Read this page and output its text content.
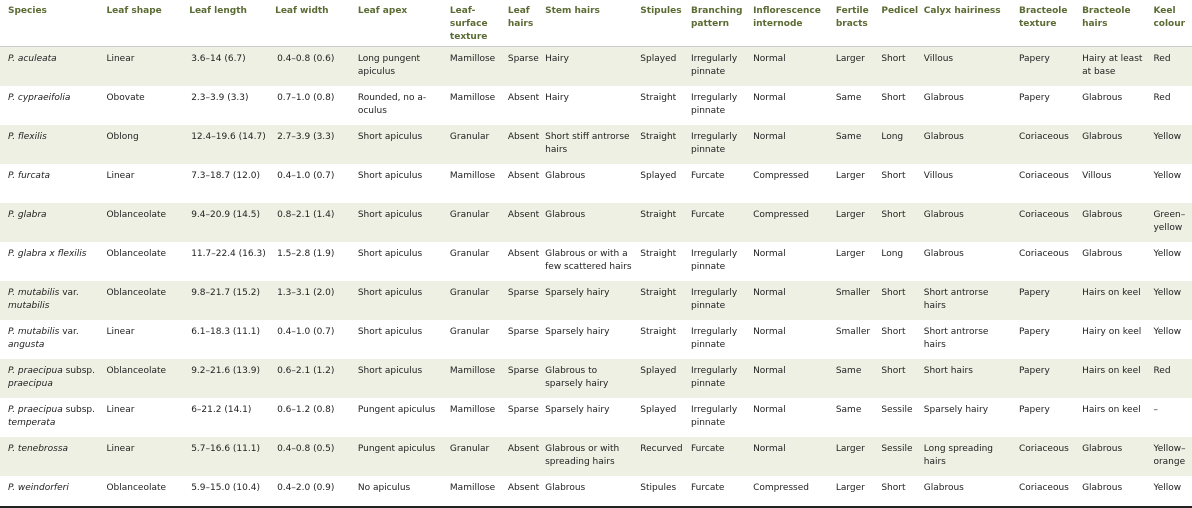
Species	Leaf shape	Leaf length	Leaf width	Leaf apex	Leaf-surface texture	Leaf hairs	Stem hairs	Stipules	Branching pattern	Inflorescence internode	Fertile bracts	Pedicel	Calyx hairiness	Bracteole texture	Bracteole hairs	Keel colour
P. aculeata	Linear	3.6–14 (6.7)	0.4–0.8 (0.6)	Long pungent apiculus	Mamillose	Sparse	Hairy	Splayed	Irregularly pinnate	Normal	Larger	Short	Villous	Papery	Hairy at least at base	Red
P. cypraeifolia	Obovate	2.3–3.9 (3.3)	0.7–1.0 (0.8)	Rounded, no a-oculus	Mamillose	Absent	Hairy	Straight	Irregularly pinnate	Normal	Same	Short	Glabrous	Papery	Glabrous	Red
P. flexilis	Oblong	12.4–19.6 (14.7)	2.7–3.9 (3.3)	Short apiculus	Granular	Absent	Short stiff antrorse hairs	Straight	Irregularly pinnate	Normal	Same	Long	Glabrous	Coriaceous	Glabrous	Yellow
P. furcata	Linear	7.3–18.7 (12.0)	0.4–1.0 (0.7)	Short apiculus	Mamillose	Absent	Glabrous	Splayed	Furcate	Compressed	Larger	Short	Villous	Coriaceous	Villous	Yellow
P. glabra	Oblanceolate	9.4–20.9 (14.5)	0.8–2.1 (1.4)	Short apiculus	Granular	Absent	Glabrous	Straight	Furcate	Compressed	Larger	Short	Glabrous	Coriaceous	Glabrous	Green–yellow
P. glabra x flexilis	Oblanceolate	11.7–22.4 (16.3)	1.5–2.8 (1.9)	Short apiculus	Granular	Absent	Glabrous or with a few scattered hairs	Straight	Irregularly pinnate	Normal	Larger	Long	Glabrous	Coriaceous	Glabrous	Yellow
P. mutabilis var. mutabilis	Oblanceolate	9.8–21.7 (15.2)	1.3–3.1 (2.0)	Short apiculus	Granular	Sparse	Sparsely hairy	Straight	Irregularly pinnate	Normal	Smaller	Short	Short antrorse hairs	Papery	Hairs on keel	Yellow
P. mutabilis var. angusta	Linear	6.1–18.3 (11.1)	0.4–1.0 (0.7)	Short apiculus	Granular	Sparse	Sparsely hairy	Straight	Irregularly pinnate	Normal	Smaller	Short	Short antrorse hairs	Papery	Hairy on keel	Yellow
P. praecipua subsp. praecipua	Oblanceolate	9.2–21.6 (13.9)	0.6–2.1 (1.2)	Short apiculus	Mamillose	Sparse	Glabrous to sparsely hairy	Splayed	Irregularly pinnate	Normal	Same	Short	Short hairs	Papery	Hairs on keel	Red
P. praecipua subsp. temperata	Linear	6–21.2 (14.1)	0.6–1.2 (0.8)	Pungent apiculus	Mamillose	Sparse	Sparsely hairy	Splayed	Irregularly pinnate	Normal	Same	Sessile	Sparsely hairy	Papery	Hairs on keel	–
P. tenebrossa	Linear	5.7–16.6 (11.1)	0.4–0.8 (0.5)	Pungent apiculus	Granular	Absent	Glabrous or with spreading hairs	Recurved	Furcate	Normal	Larger	Sessile	Long spreading hairs	Coriaceous	Glabrous	Yellow–orange
P. weindorferi	Oblanceolate	5.9–15.0 (10.4)	0.4–2.0 (0.9)	No apiculus	Mamillose	Absent	Glabrous	Stipules	Furcate	Compressed	Larger	Short	Glabrous	Coriaceous	Glabrous	Yellow
